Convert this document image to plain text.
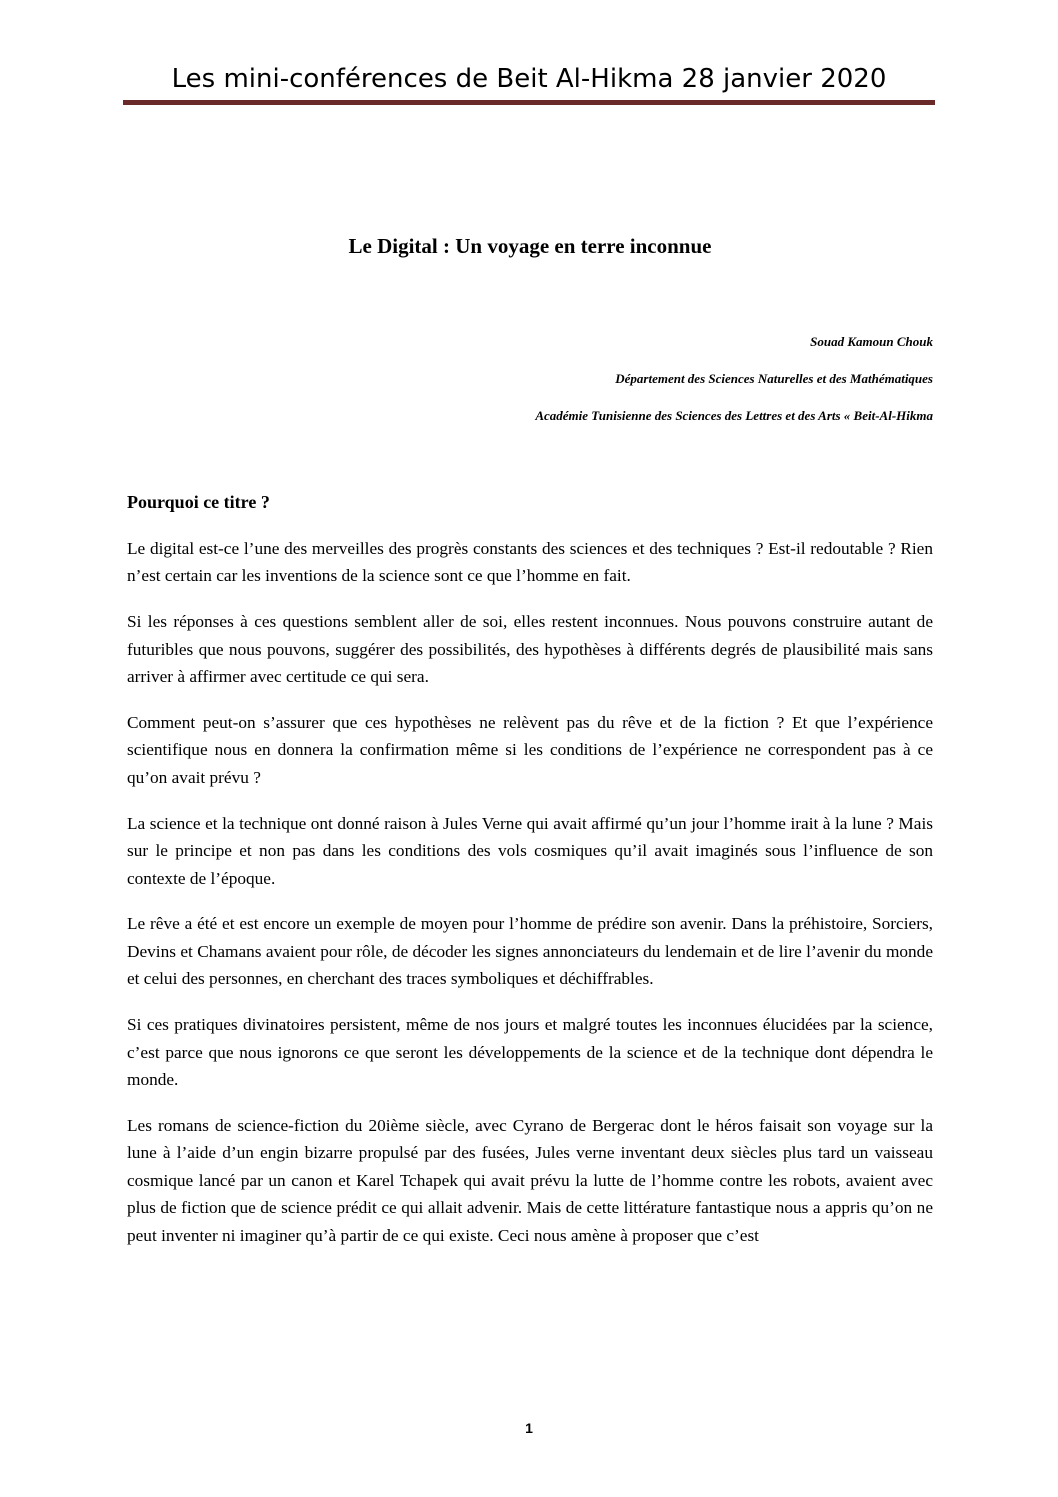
Les mini-conférences de Beit Al-Hikma 28 janvier 2020
Le Digital : Un voyage en terre inconnue
Souad Kamoun Chouk
Département des Sciences Naturelles et des Mathématiques
Académie Tunisienne des Sciences des Lettres et des Arts « Beit-Al-Hikma
Pourquoi ce titre ?

Le digital est-ce l’une des merveilles des progrès constants des sciences et des techniques ? Est-il redoutable ? Rien n’est certain car les inventions de la science sont ce que l’homme en fait.

Si les réponses à ces questions semblent aller de soi, elles restent inconnues. Nous pouvons construire autant de futuribles que nous pouvons, suggérer des possibilités, des hypothèses à différents degrés de plausibilité mais sans arriver à affirmer avec certitude ce qui sera.

Comment peut-on s’assurer que ces hypothèses ne relèvent pas du rêve et de la fiction ? Et que l’expérience scientifique nous en donnera la confirmation même si les conditions de l’expérience ne correspondent pas à ce qu’on avait prévu ?

La science et la technique ont donné raison à Jules Verne qui avait affirmé qu’un jour l’homme irait à la lune ? Mais sur le principe et non pas dans les conditions des vols cosmiques qu’il avait imaginés sous l’influence de son contexte de l’époque.

Le rêve a été et est encore un exemple de moyen pour l’homme de prédire son avenir. Dans la préhistoire, Sorciers, Devins et Chamans avaient pour rôle, de décoder les signes annonciateurs du lendemain et de lire l’avenir du monde et celui des personnes, en cherchant des traces symboliques et déchiffrables.

Si ces pratiques divinatoires persistent, même de nos jours et malgré toutes les inconnues élucidées par la science, c’est parce que nous ignorons ce que seront les développements de la science et de la technique dont dépendra le monde.

Les romans de science-fiction du 20ième siècle, avec Cyrano de Bergerac dont le héros faisait son voyage sur la lune à l’aide d’un engin bizarre propulsé par des fusées, Jules verne inventant deux siècles plus tard un vaisseau cosmique lancé par un canon et Karel Tchapek qui avait prévu la lutte de l’homme contre les robots, avaient avec plus de fiction que de science prédit ce qui allait advenir. Mais de cette littérature fantastique nous a appris qu’on ne peut inventer ni imaginer qu’à partir de ce qui existe. Ceci nous amène à proposer que c’est

1
